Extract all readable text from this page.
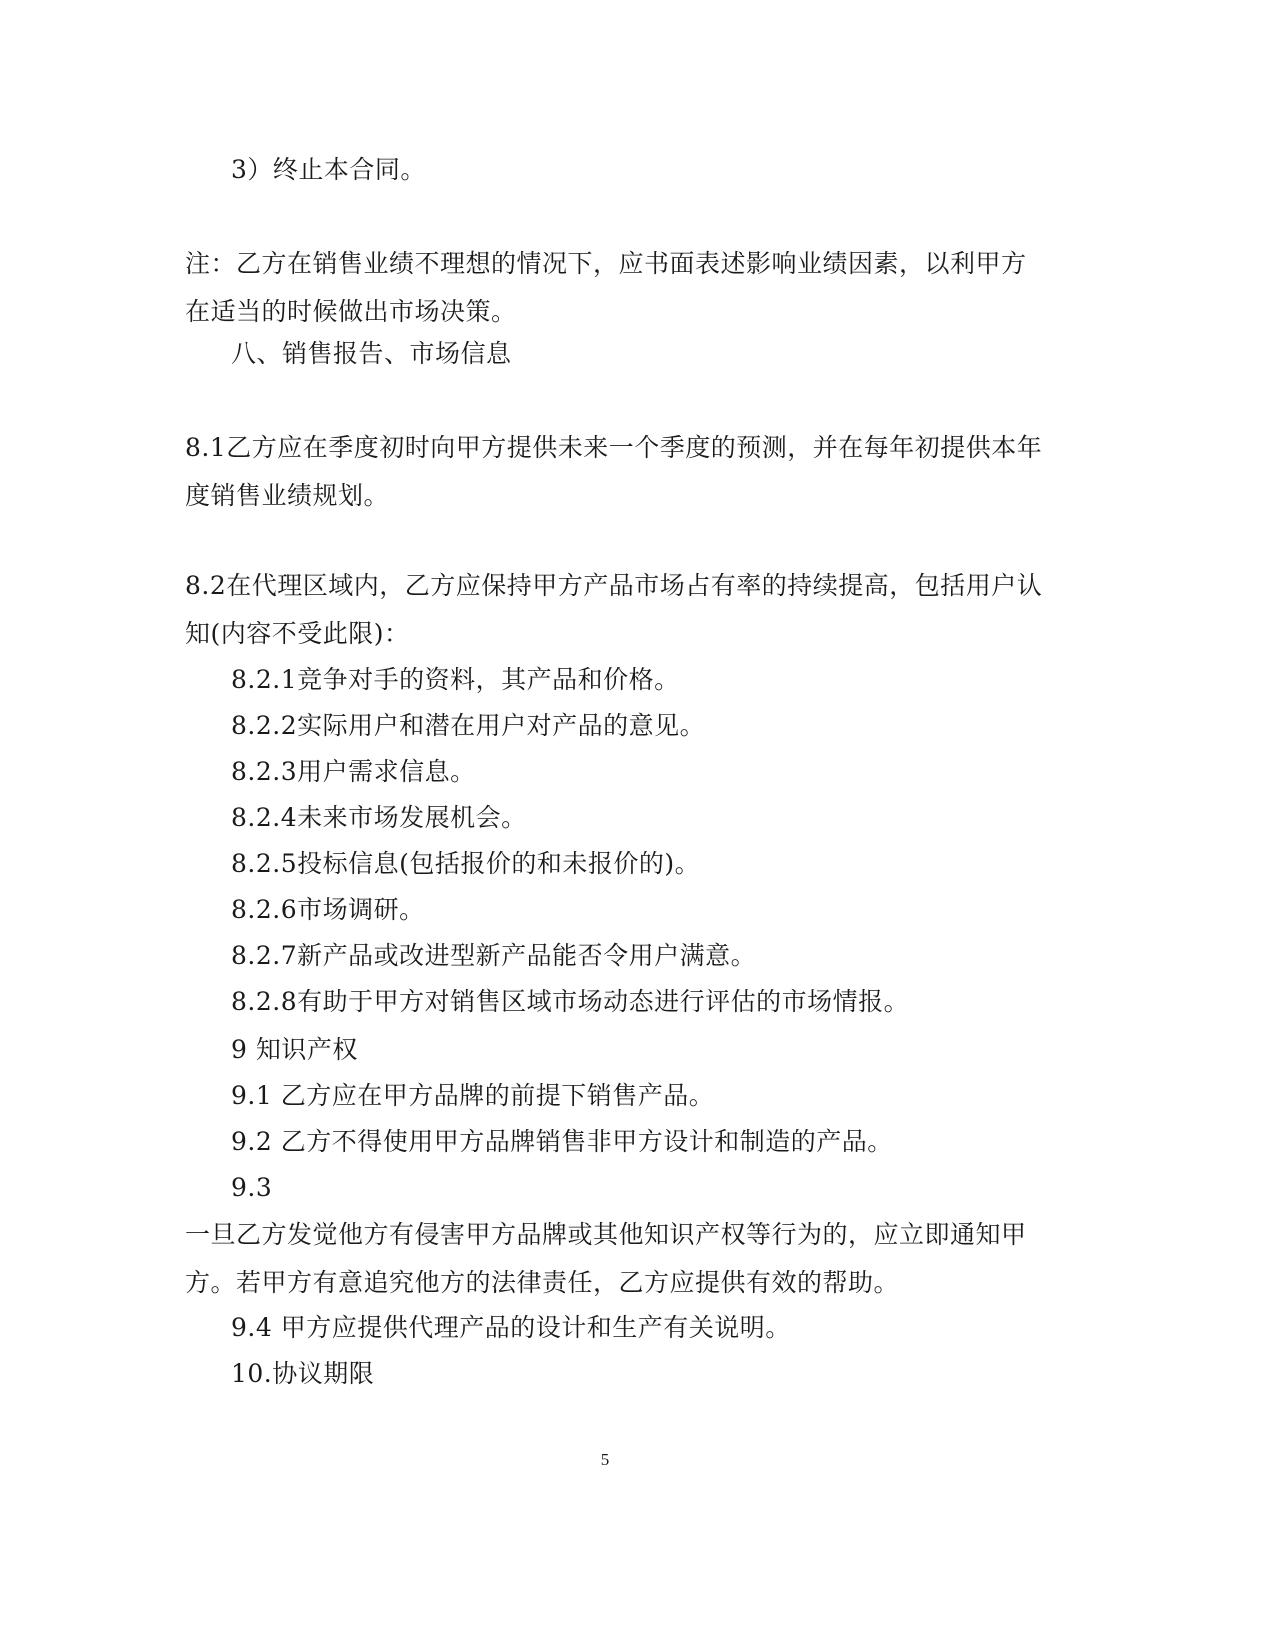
3）终止本合同。
注：乙方在销售业绩不理想的情况下，应书面表述影响业绩因素，以利甲方在适当的时候做出市场决策。
八、销售报告、市场信息
8.1乙方应在季度初时向甲方提供未来一个季度的预测，并在每年初提供本年度销售业绩规划。
8.2在代理区域内，乙方应保持甲方产品市场占有率的持续提高，包括用户认知(内容不受此限)：
8.2.1竞争对手的资料，其产品和价格。
8.2.2实际用户和潜在用户对产品的意见。
8.2.3用户需求信息。
8.2.4未来市场发展机会。
8.2.5投标信息(包括报价的和未报价的)。
8.2.6市场调研。
8.2.7新产品或改进型新产品能否令用户满意。
8.2.8有助于甲方对销售区域市场动态进行评估的市场情报。
9 知识产权
9.1 乙方应在甲方品牌的前提下销售产品。
9.2 乙方不得使用甲方品牌销售非甲方设计和制造的产品。
9.3
一旦乙方发觉他方有侵害甲方品牌或其他知识产权等行为的，应立即通知甲方。若甲方有意追究他方的法律责任，乙方应提供有效的帮助。
9.4 甲方应提供代理产品的设计和生产有关说明。
10.协议期限
5
